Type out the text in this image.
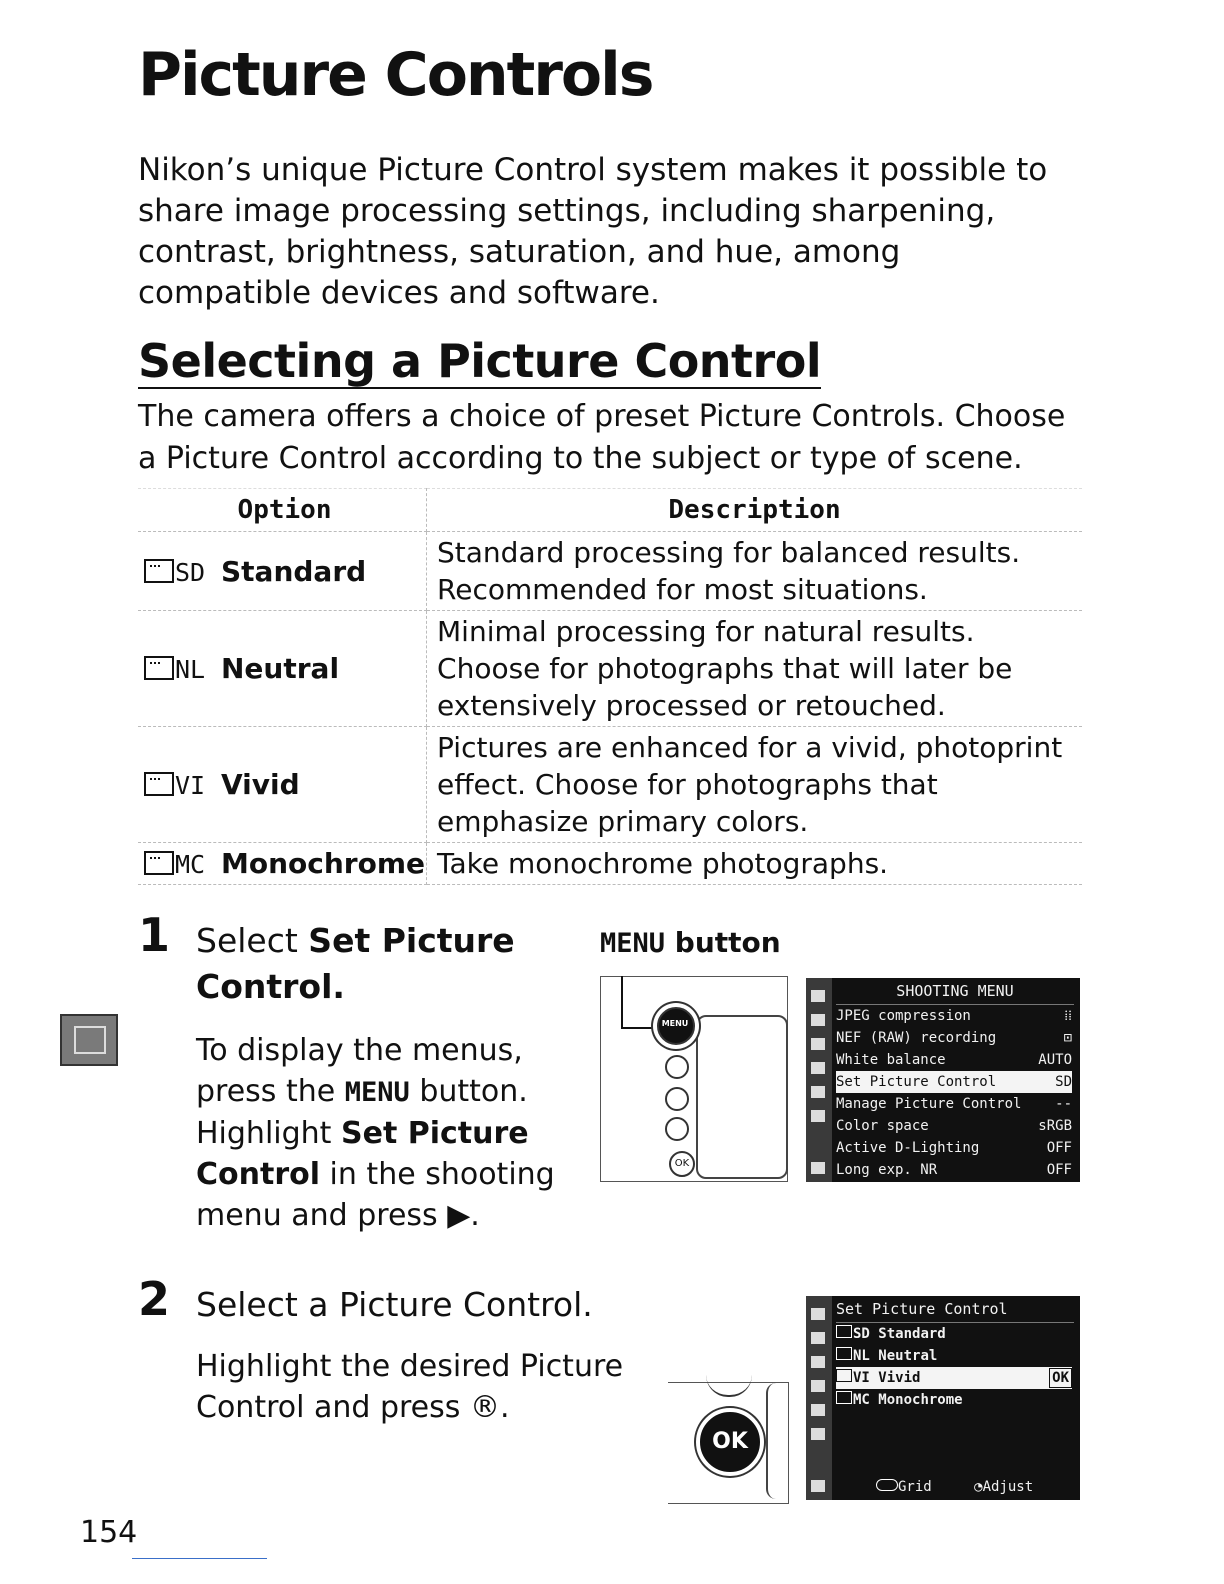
Picture Controls

Nikon’s unique Picture Control system makes it possible to share image processing settings, including sharpening, contrast, brightness, saturation, and hue, among compatible devices and software.

Selecting a Picture Control

The camera offers a choice of preset Picture Controls. Choose a Picture Control according to the subject or type of scene.

Option	Description
SD Standard	Standard processing for balanced results. Recommended for most situations.
NL Neutral	Minimal processing for natural results. Choose for photographs that will later be extensively processed or retouched.
VI Vivid	Pictures are enhanced for a vivid, photoprint effect. Choose for photographs that emphasize primary colors.
MC Monochrome	Take monochrome photographs.
1 Select Set Picture Control.
To display the menus, press the MENU button. Highlight Set Picture Control in the shooting menu and press ▶.
MENU button
MENU
OK
SHOOTING MENU
JPEG compression	⁞⁞
NEF (RAW) recording	⊡
White balance	AUTO
Set Picture Control	SD
Manage Picture Control --
Color space	sRGB
Active D-Lighting	OFF
Long exp. NR	OFF
2 Select a Picture Control.
Highlight the desired Picture Control and press ®.
OK
Set Picture Control
SD Standard
NL Neutral
VI Vivid	OK
MC Monochrome
Grid	◔Adjust
154
